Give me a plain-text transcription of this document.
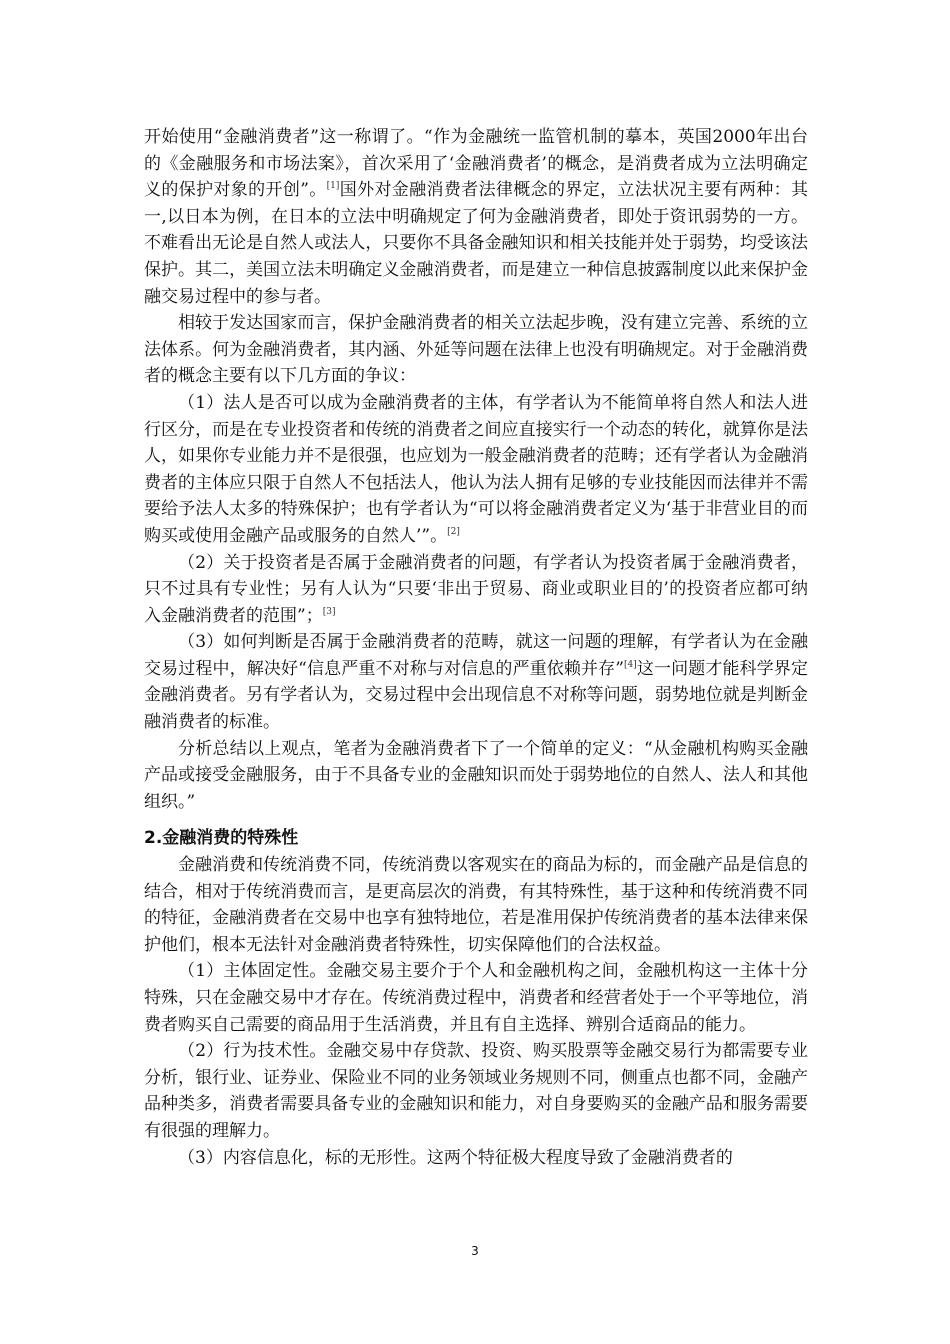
开始使用“金融消费者”这一称谓了。“作为金融统一监管机制的摹本，英国2000年出台的《金融服务和市场法案》，首次采用了‘金融消费者’的概念，是消费者成为立法明确定义的保护对象的开创”。[1]国外对金融消费者法律概念的界定，立法状况主要有两种：其一,以日本为例，在日本的立法中明确规定了何为金融消费者，即处于资讯弱势的一方。不难看出无论是自然人或法人，只要你不具备金融知识和相关技能并处于弱势，均受该法保护。其二，美国立法未明确定义金融消费者，而是建立一种信息披露制度以此来保护金融交易过程中的参与者。

相较于发达国家而言，保护金融消费者的相关立法起步晚，没有建立完善、系统的立法体系。何为金融消费者，其内涵、外延等问题在法律上也没有明确规定。对于金融消费者的概念主要有以下几方面的争议：

（1）法人是否可以成为金融消费者的主体，有学者认为不能简单将自然人和法人进行区分，而是在专业投资者和传统的消费者之间应直接实行一个动态的转化，就算你是法人，如果你专业能力并不是很强，也应划为一般金融消费者的范畴；还有学者认为金融消费者的主体应只限于自然人不包括法人，他认为法人拥有足够的专业技能因而法律并不需要给予法人太多的特殊保护；也有学者认为“可以将金融消费者定义为‘基于非营业目的而购买或使用金融产品或服务的自然人’”。[2]

（2）关于投资者是否属于金融消费者的问题，有学者认为投资者属于金融消费者，只不过具有专业性；另有人认为“只要‘非出于贸易、商业或职业目的’的投资者应都可纳入金融消费者的范围”；[3]

（3）如何判断是否属于金融消费者的范畴，就这一问题的理解，有学者认为在金融交易过程中，解决好“信息严重不对称与对信息的严重依赖并存”[4]这一问题才能科学界定金融消费者。另有学者认为，交易过程中会出现信息不对称等问题，弱势地位就是判断金融消费者的标准。

分析总结以上观点，笔者为金融消费者下了一个简单的定义：“从金融机构购买金融产品或接受金融服务，由于不具备专业的金融知识而处于弱势地位的自然人、法人和其他组织。”

2.金融消费的特殊性

金融消费和传统消费不同，传统消费以客观实在的商品为标的，而金融产品是信息的结合，相对于传统消费而言，是更高层次的消费，有其特殊性，基于这种和传统消费不同的特征，金融消费者在交易中也享有独特地位，若是准用保护传统消费者的基本法律来保护他们，根本无法针对金融消费者特殊性，切实保障他们的合法权益。

（1）主体固定性。金融交易主要介于个人和金融机构之间，金融机构这一主体十分特殊，只在金融交易中才存在。传统消费过程中，消费者和经营者处于一个平等地位，消费者购买自己需要的商品用于生活消费，并且有自主选择、辨别合适商品的能力。

（2）行为技术性。金融交易中存贷款、投资、购买股票等金融交易行为都需要专业分析，银行业、证券业、保险业不同的业务领域业务规则不同，侧重点也都不同，金融产品种类多，消费者需要具备专业的金融知识和能力，对自身要购买的金融产品和服务需要有很强的理解力。

（3）内容信息化，标的无形性。这两个特征极大程度导致了金融消费者的

3
